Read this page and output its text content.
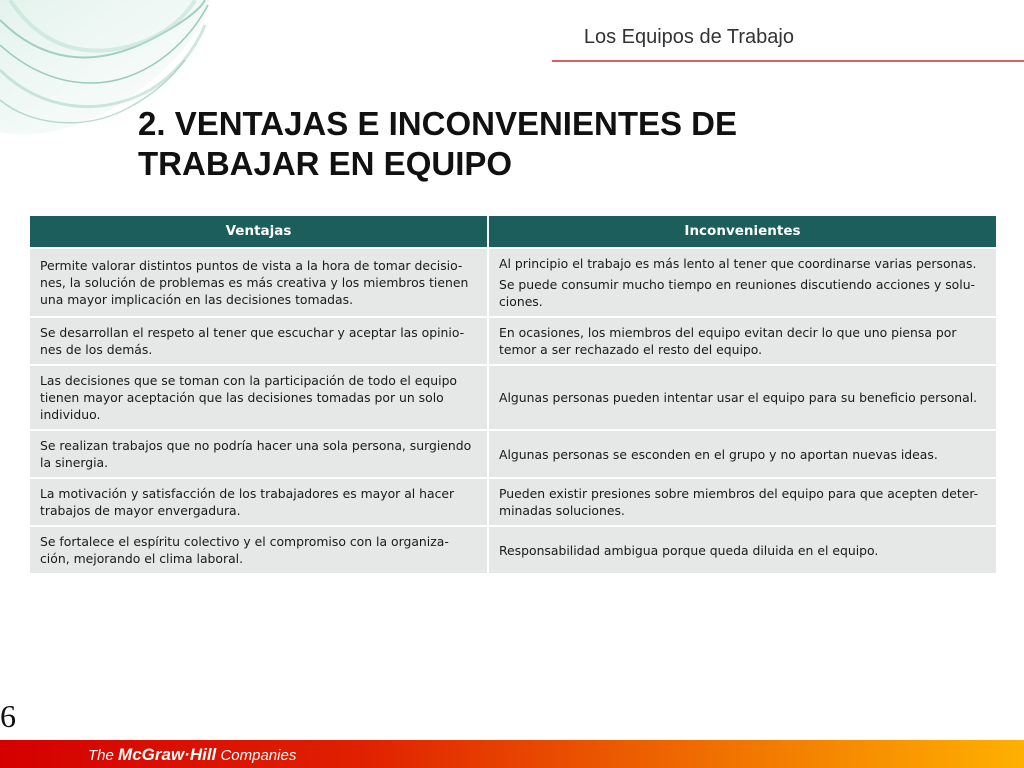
Los Equipos de Trabajo
2. VENTAJAS E INCONVENIENTES DE
TRABAJAR EN EQUIPO
Ventajas	Inconvenientes

Permite valorar distintos puntos de vista a la hora de tomar decisio-nes, la solución de problemas es más creativa y los miembros tienen una mayor implicación en las decisiones tomadas.	Al principio el trabajo es más lento al tener que coordinarse varias personas.

Se puede consumir mucho tiempo en reuniones discutiendo acciones y solu-ciones.

Se desarrollan el respeto al tener que escuchar y aceptar las opinio-nes de los demás.	En ocasiones, los miembros del equipo evitan decir lo que uno piensa por temor a ser rechazado el resto del equipo.

Las decisiones que se toman con la participación de todo el equipo tienen mayor aceptación que las decisiones tomadas por un solo individuo.	Algunas personas pueden intentar usar el equipo para su beneficio personal.

Se realizan trabajos que no podría hacer una sola persona, surgiendo la sinergia.	Algunas personas se esconden en el grupo y no aportan nuevas ideas.

La motivación y satisfacción de los trabajadores es mayor al hacer trabajos de mayor envergadura.	Pueden existir presiones sobre miembros del equipo para que acepten deter-minadas soluciones.

Se fortalece el espíritu colectivo y el compromiso con la organiza-ción, mejorando el clima laboral.	Responsabilidad ambigua porque queda diluida en el equipo.

6
The McGraw·Hill Companies
